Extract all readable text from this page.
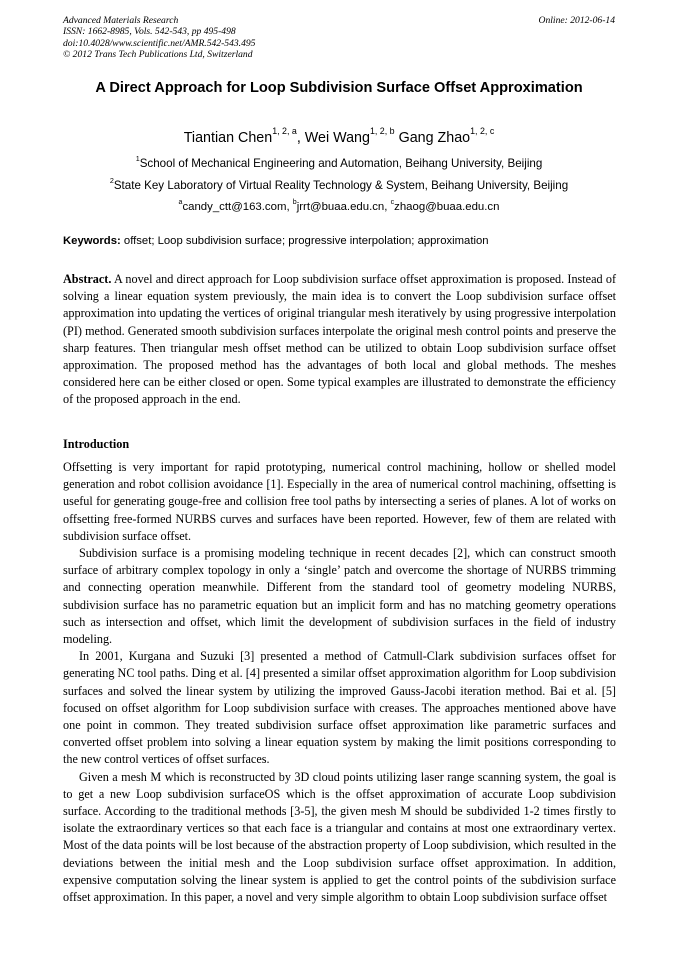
Advanced Materials Research
ISSN: 1662-8985, Vols. 542-543, pp 495-498
doi:10.4028/www.scientific.net/AMR.542-543.495
© 2012 Trans Tech Publications Ltd, Switzerland
Online: 2012-06-14
A Direct Approach for Loop Subdivision Surface Offset Approximation
Tiantian Chen$^{1, 2, a}$, Wei Wang$^{1, 2, b}$ Gang Zhao$^{1, 2, c}$
$^1$School of Mechanical Engineering and Automation, Beihang University, Beijing
$^2$State Key Laboratory of Virtual Reality Technology & System, Beihang University, Beijing
$^a$candy_ctt@163.com, $^b$jrrt@buaa.edu.cn, $^c$zhaog@buaa.edu.cn
Keywords: offset; Loop subdivision surface; progressive interpolation; approximation
Abstract. A novel and direct approach for Loop subdivision surface offset approximation is proposed. Instead of solving a linear equation system previously, the main idea is to convert the Loop subdivision surface offset approximation into updating the vertices of original triangular mesh iteratively by using progressive interpolation (PI) method. Generated smooth subdivision surfaces interpolate the original mesh control points and preserve the sharp features. Then triangular mesh offset method can be utilized to obtain Loop subdivision surface offset approximation. The proposed method has the advantages of both local and global methods. The meshes considered here can be either closed or open. Some typical examples are illustrated to demonstrate the efficiency of the proposed approach in the end.
Introduction

Offsetting is very important for rapid prototyping, numerical control machining, hollow or shelled model generation and robot collision avoidance [1]. Especially in the area of numerical control machining, offsetting is useful for generating gouge-free and collision free tool paths by intersecting a series of planes. A lot of works on offsetting free-formed NURBS curves and surfaces have been reported. However, few of them are related with subdivision surface offset.

Subdivision surface is a promising modeling technique in recent decades [2], which can construct smooth surface of arbitrary complex topology in only a ‘single’ patch and overcome the shortage of NURBS trimming and connecting operation meanwhile. Different from the standard tool of geometry modeling NURBS, subdivision surface has no parametric equation but an implicit form and has no matching geometry operations such as intersection and offset, which limit the development of subdivision surfaces in the field of industry modeling.

In 2001, Kurgana and Suzuki [3] presented a method of Catmull-Clark subdivision surfaces offset for generating NC tool paths. Ding et al. [4] presented a similar offset approximation algorithm for Loop subdivision surfaces and solved the linear system by utilizing the improved Gauss-Jacobi iteration method. Bai et al. [5] focused on offset algorithm for Loop subdivision surface with creases. The approaches mentioned above have one point in common. They treated subdivision surface offset approximation like parametric surfaces and converted offset problem into solving a linear equation system by making the limit positions corresponding to the new control vertices of offset surfaces.

Given a mesh M which is reconstructed by 3D cloud points utilizing laser range scanning system, the goal is to get a new Loop subdivision surfaceOS which is the offset approximation of accurate Loop subdivision surface. According to the traditional methods [3-5], the given mesh M should be subdivided 1-2 times firstly to isolate the extraordinary vertices so that each face is a triangular and contains at most one extraordinary vertex. Most of the data points will be lost because of the abstraction property of Loop subdivision, which resulted in the deviations between the initial mesh and the Loop subdivision surface offset approximation. In addition, expensive computation solving the linear system is applied to get the control points of the subdivision surface offset approximation. In this paper, a novel and very simple algorithm to obtain Loop subdivision surface offset
